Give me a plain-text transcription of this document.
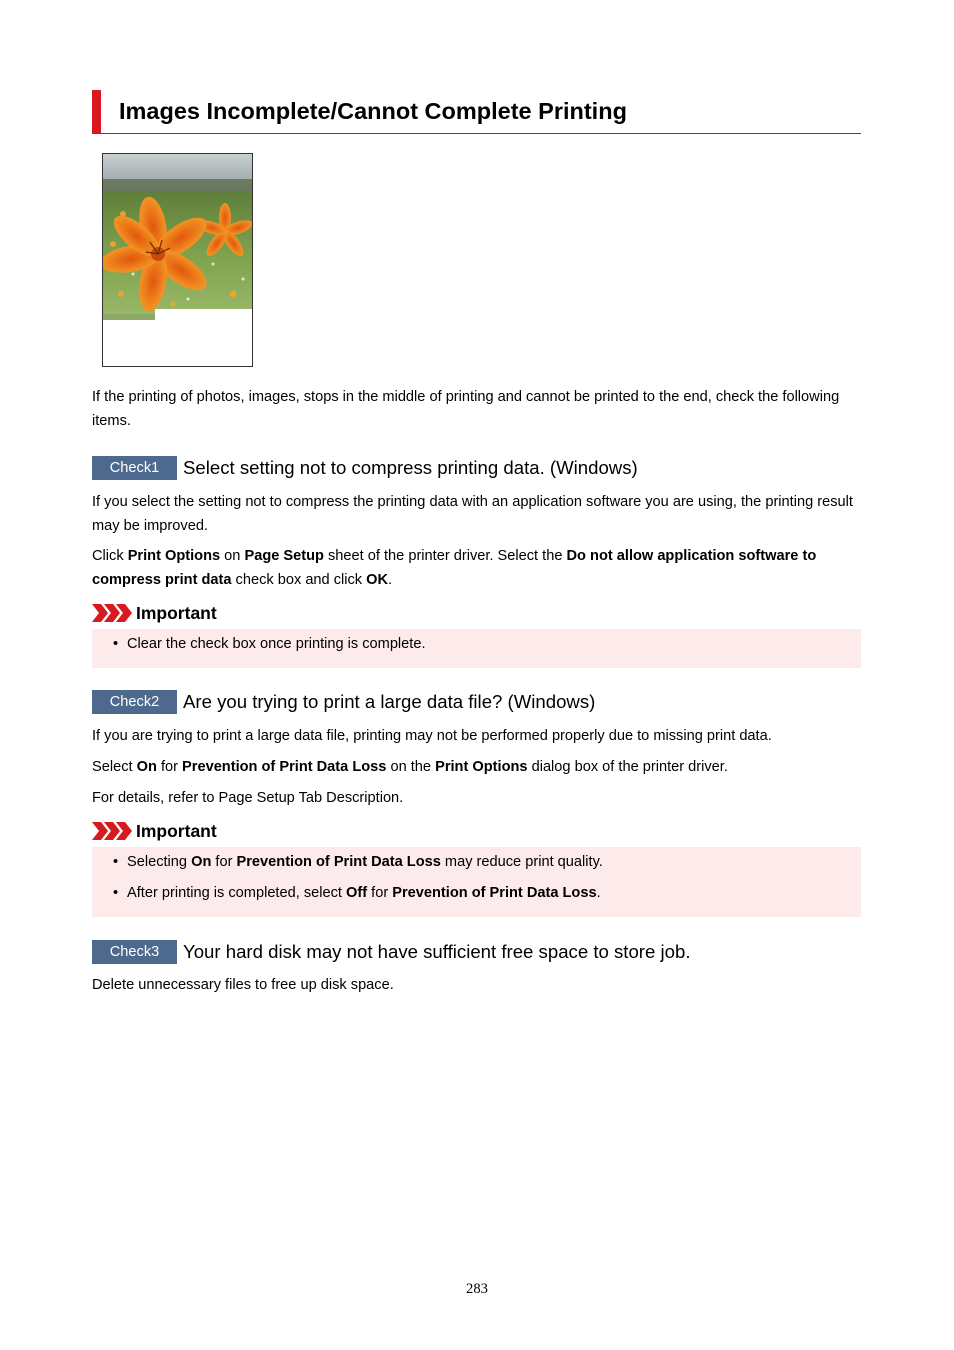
Images Incomplete/Cannot Complete Printing

If the printing of photos, images, stops in the middle of printing and cannot be printed to the end, check the following items.

Check1	Select setting not to compress printing data. (Windows)

If you select the setting not to compress the printing data with an application software you are using, the printing result may be improved.

Click Print Options on Page Setup sheet of the printer driver. Select the Do not allow application software to compress print data check box and click OK.

Important
• Clear the check box once printing is complete.
Check2	Are you trying to print a large data file? (Windows)

If you are trying to print a large data file, printing may not be performed properly due to missing print data.

Select On for Prevention of Print Data Loss on the Print Options dialog box of the printer driver.

For details, refer to Page Setup Tab Description.

Important
• Selecting On for Prevention of Print Data Loss may reduce print quality.
• After printing is completed, select Off for Prevention of Print Data Loss.
Check3	Your hard disk may not have sufficient free space to store job.

Delete unnecessary files to free up disk space.

283
